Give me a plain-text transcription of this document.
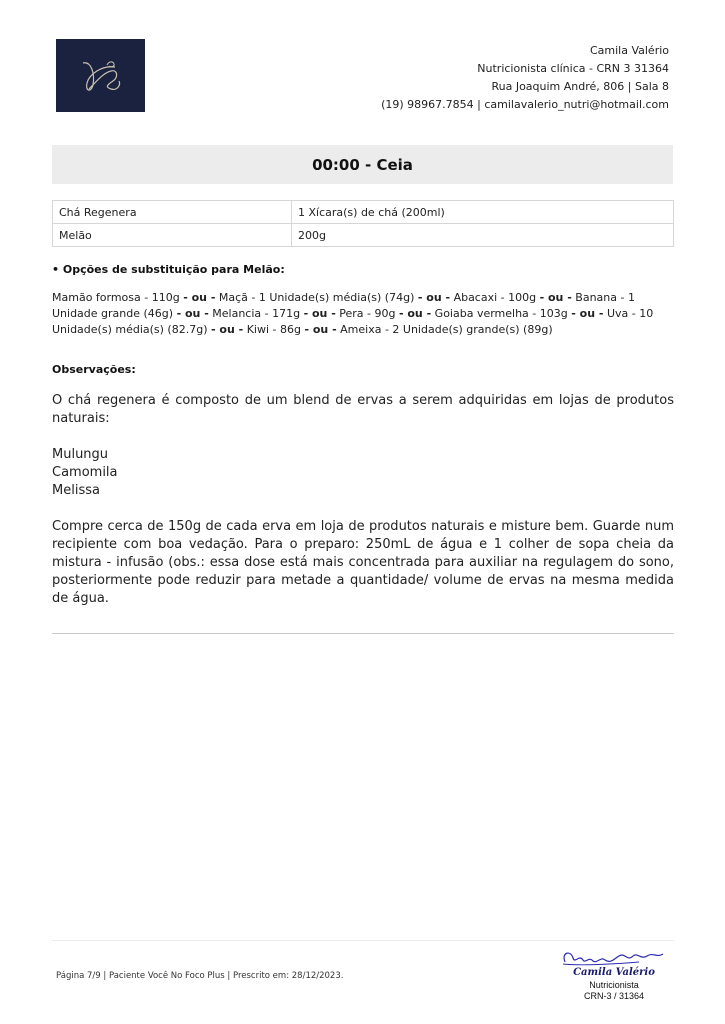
Camila Valério
Nutricionista clínica - CRN 3 31364
Rua Joaquim André, 806 | Sala 8
(19) 98967.7854 | camilavalerio_nutri@hotmail.com
00:00 - Ceia
Chá Regenera	1 Xícara(s) de chá (200ml)
Melão	200g
• Opções de substituição para Melão:
Mamão formosa - 110g - ou - Maçã - 1 Unidade(s) média(s) (74g) - ou - Abacaxi - 100g - ou - Banana - 1 Unidade grande (46g) - ou - Melancia - 171g - ou - Pera - 90g - ou - Goiaba vermelha - 103g - ou - Uva - 10 Unidade(s) média(s) (82.7g) - ou - Kiwi - 86g - ou - Ameixa - 2 Unidade(s) grande(s) (89g)
Observações:

O chá regenera é composto de um blend de ervas a serem adquiridas em lojas de produtos naturais:

Mulungu

Camomila

Melissa

Compre cerca de 150g de cada erva em loja de produtos naturais e misture bem. Guarde num recipiente com boa vedação. Para o preparo: 250mL de água e 1 colher de sopa cheia da mistura - infusão (obs.: essa dose está mais concentrada para auxiliar na regulagem do sono, posteriormente pode reduzir para metade a quantidade/ volume de ervas na mesma medida de água.

Página 7/9 | Paciente Você No Foco Plus | Prescrito em: 28/12/2023.	Camila Valério
Nutricionista
CRN-3 / 31364
